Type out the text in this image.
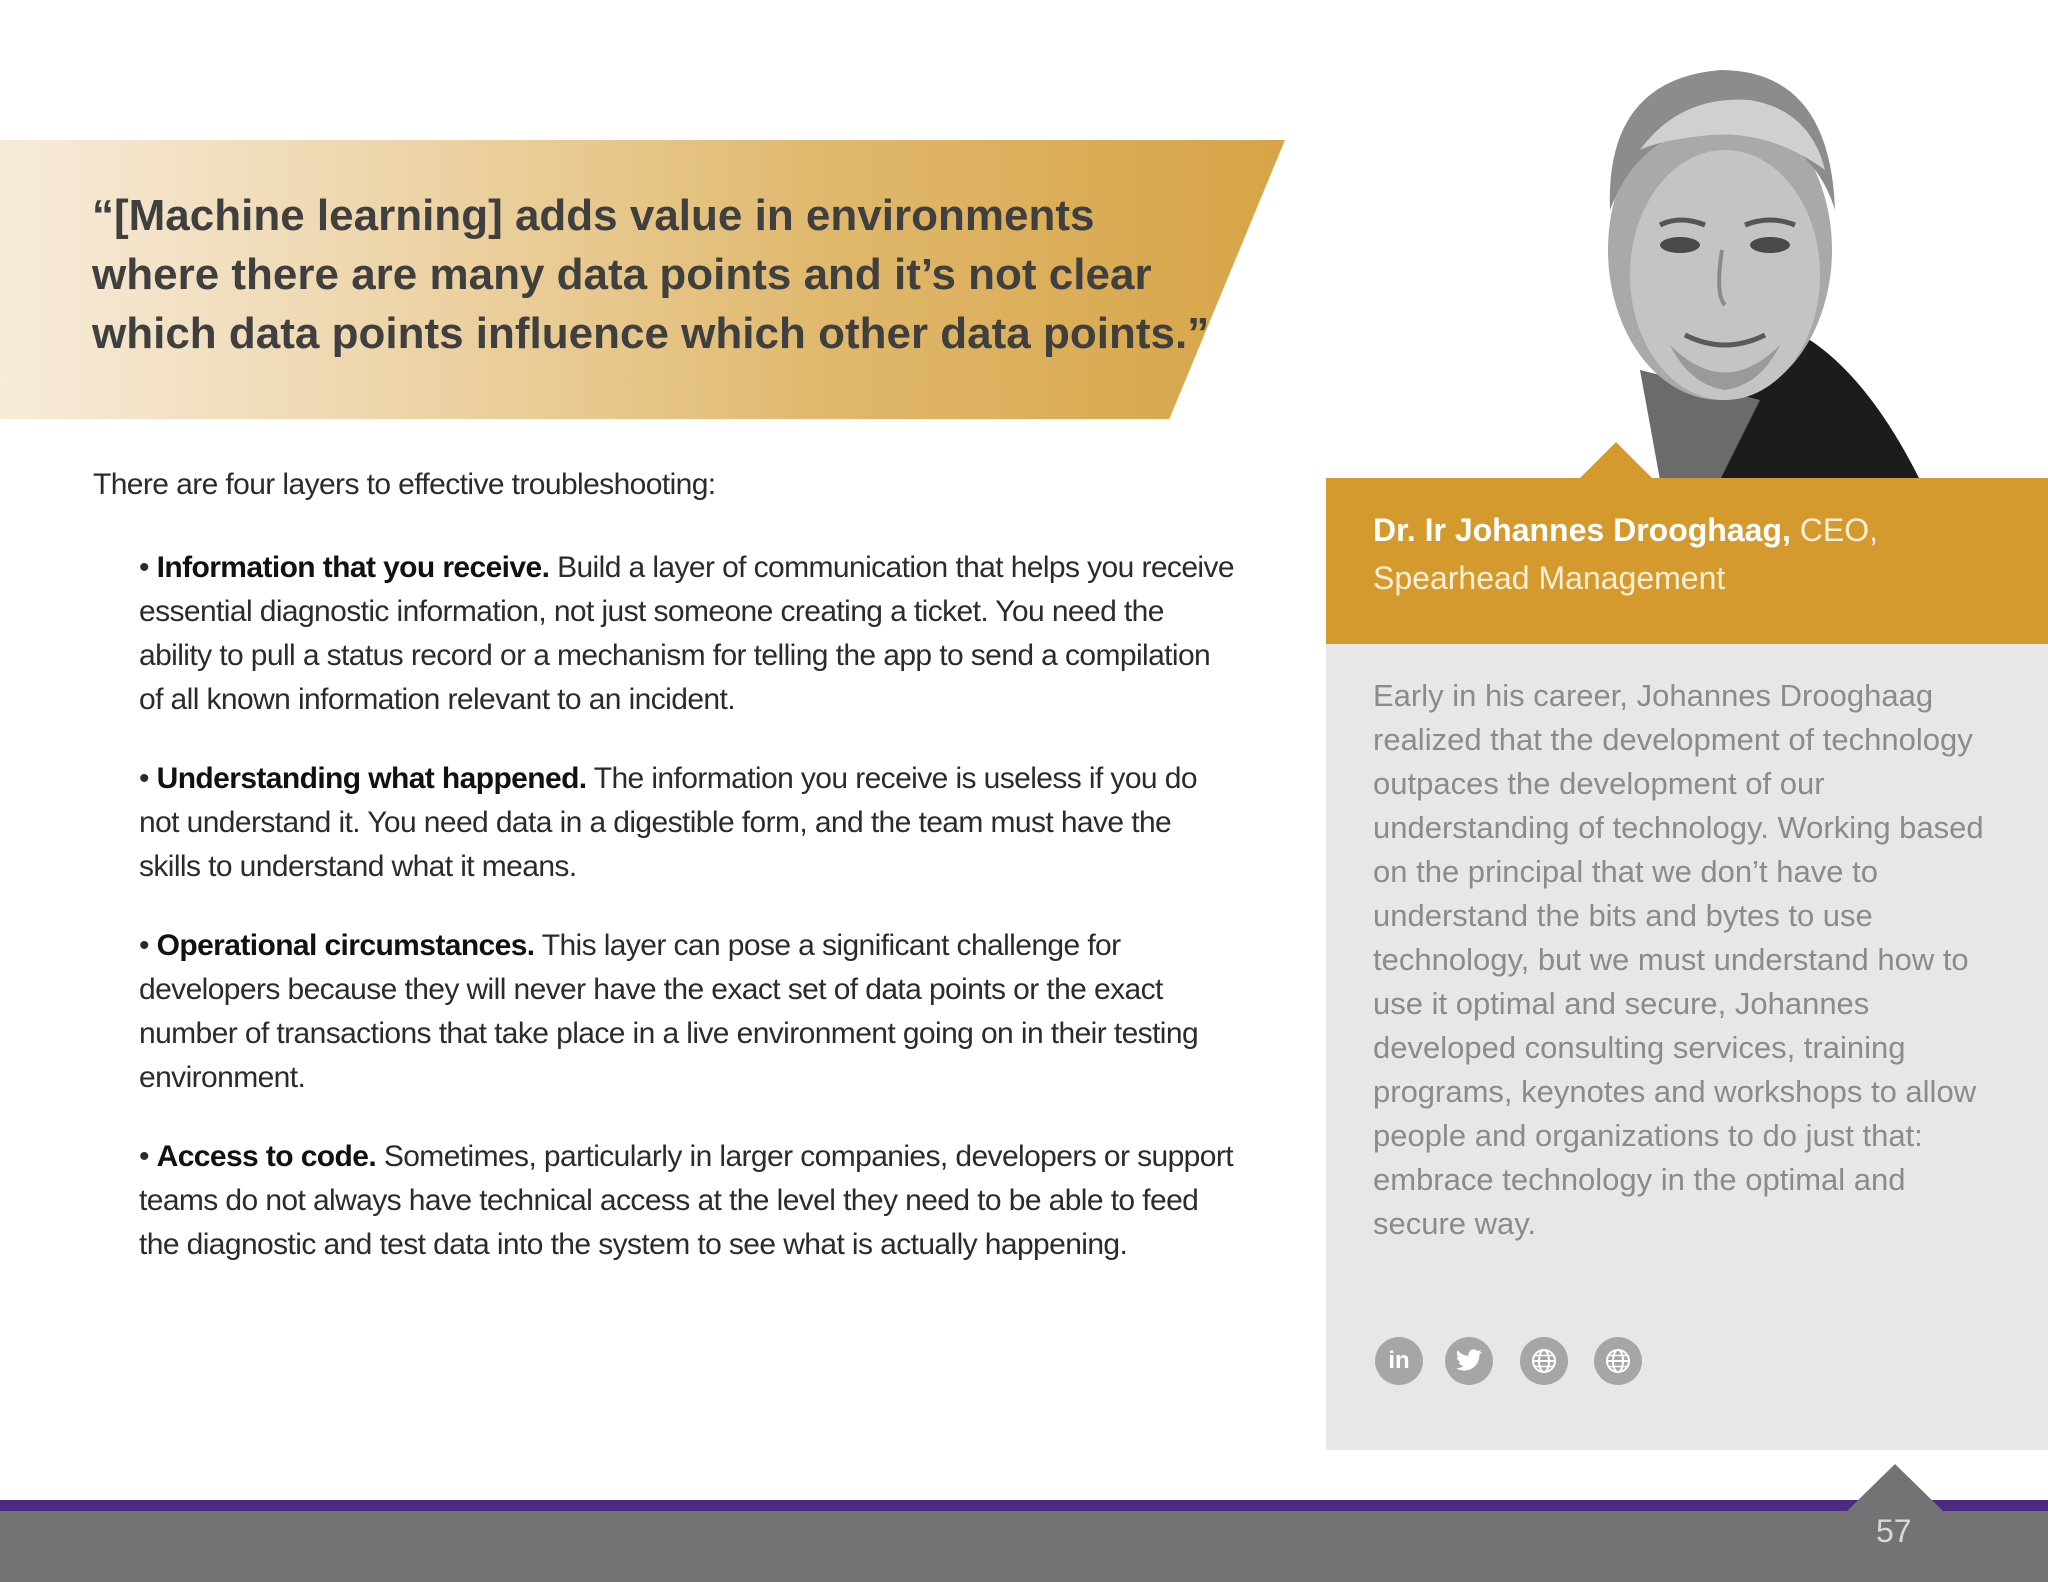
“[Machine learning] adds value in environments where there are many data points and it’s not clear which data points influence which other data points.”

There are four layers to effective troubleshooting:

• Information that you receive. Build a layer of communication that helps you receive essential diagnostic information, not just someone creating a ticket. You need the ability to pull a status record or a mechanism for telling the app to send a compilation of all known information relevant to an incident.

• Understanding what happened. The information you receive is useless if you do not understand it. You need data in a digestible form, and the team must have the skills to understand what it means.

• Operational circumstances. This layer can pose a significant challenge for developers because they will never have the exact set of data points or the exact number of transactions that take place in a live environment going on in their testing environment.

• Access to code. Sometimes, particularly in larger companies, developers or support teams do not always have technical access at the level they need to be able to feed the diagnostic and test data into the system to see what is actually happening.

Dr. Ir Johannes Drooghaag, CEO,
Spearhead Management

Early in his career, Johannes Drooghaag realized that the development of technology outpaces the development of our understanding of technology. Working based on the principal that we don’t have to understand the bits and bytes to use technology, but we must understand how to use it optimal and secure, Johannes developed consulting services, training programs, keynotes and workshops to allow people and organizations to do just that: embrace technology in the optimal and secure way.

in
57
